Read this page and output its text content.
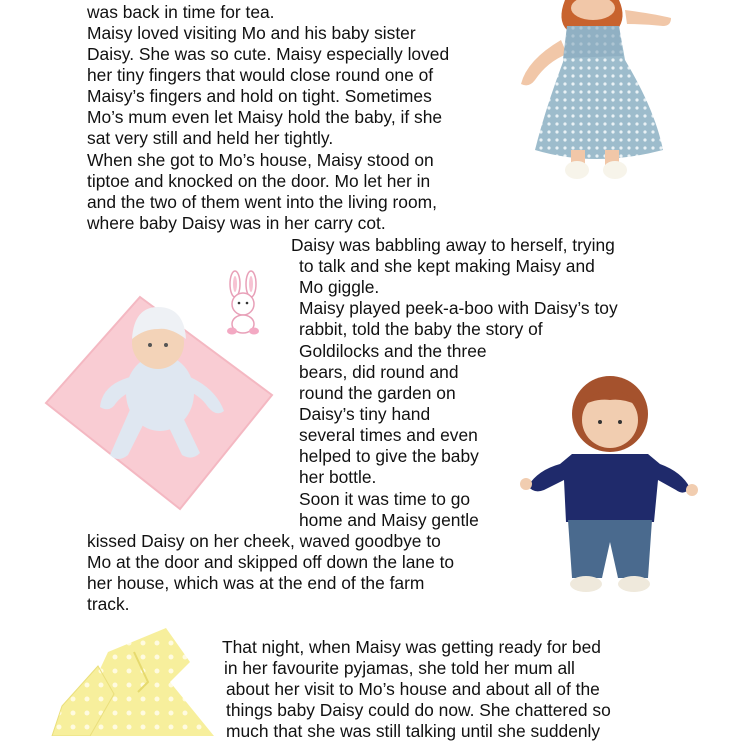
was back in time for tea.

Maisy loved visiting Mo and his baby sister

Daisy. She was so cute. Maisy especially loved

her tiny fingers that would close round one of

Maisy’s fingers and hold on tight. Sometimes

Mo’s mum even let Maisy hold the baby, if she

sat very still and held her tightly.

When she got to Mo’s house, Maisy stood on

tiptoe and knocked on the door. Mo let her in

and the two of them went into the living room,

where baby Daisy was in her carry cot.

Daisy was babbling away to herself, trying

to talk and she kept making Maisy and

Mo giggle.

Maisy played peek-a-boo with Daisy’s toy

rabbit, told the baby the story of

Goldilocks and the three

bears, did round and

round the garden on

Daisy’s tiny hand

several times and even

helped to give the baby

her bottle.

Soon it was time to go

home and Maisy gentle

kissed Daisy on her cheek, waved goodbye to

Mo at the door and skipped off down the lane to

her house, which was at the end of the farm

track.

That night, when Maisy was getting ready for bed

in her favourite pyjamas, she told her mum all

about her visit to Mo’s house and about all of the

things baby Daisy could do now. She chattered so

much that she was still talking until she suddenly
